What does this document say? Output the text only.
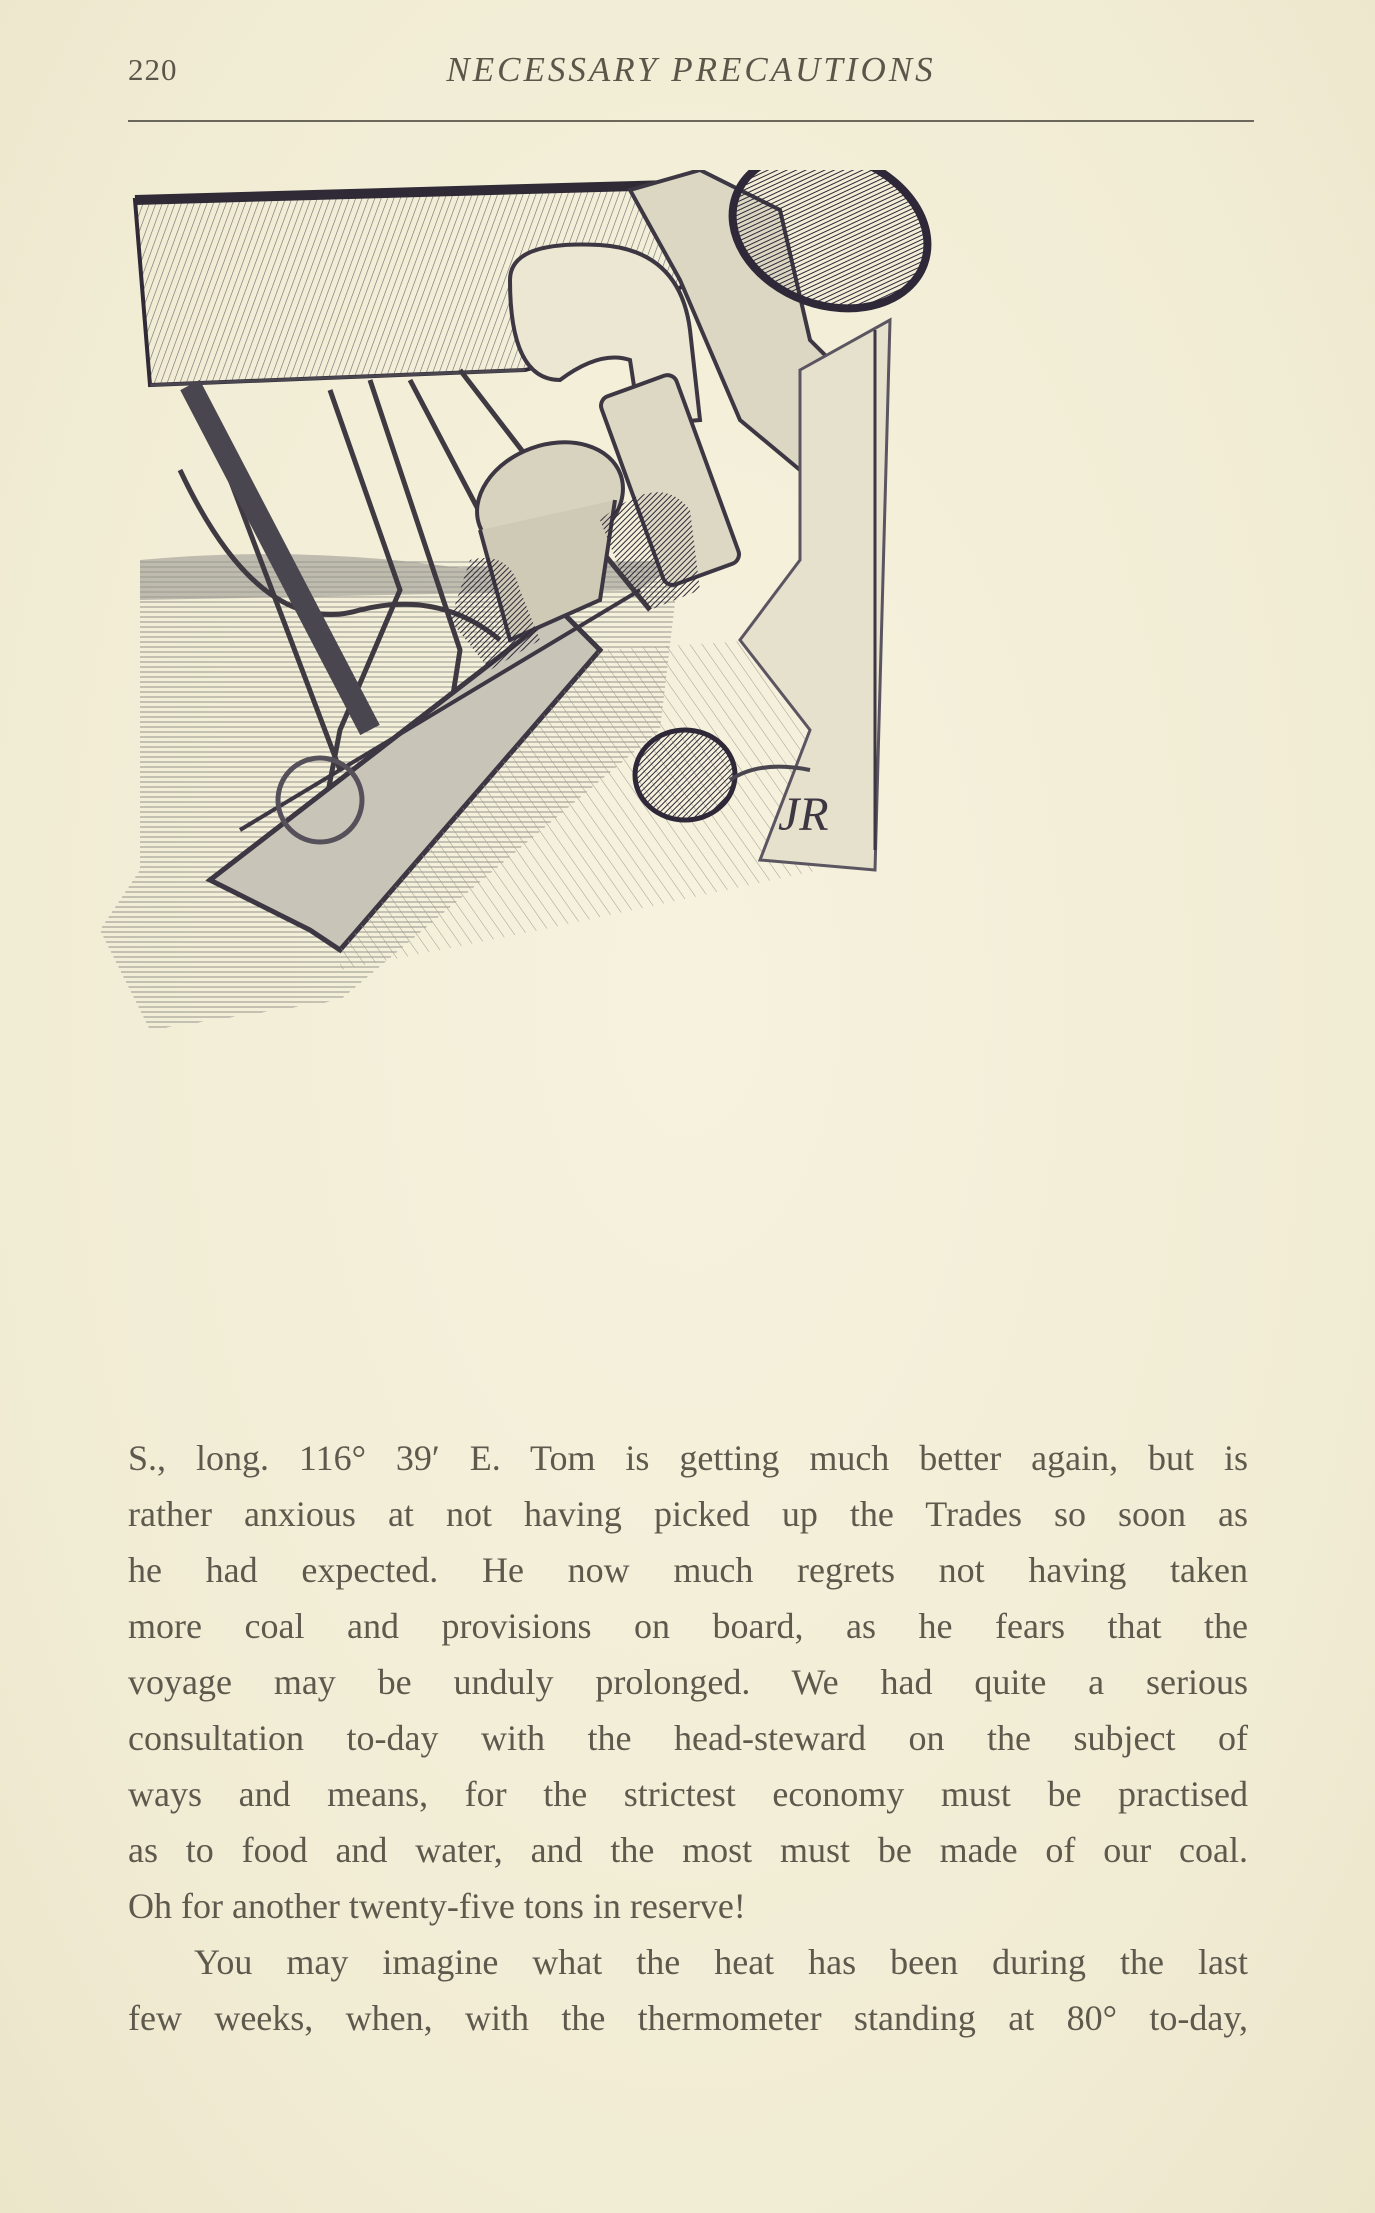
220	NECESSARY PRECAUTIONS
JR

S., long. 116° 39′ E. Tom is getting much better again, but is
rather anxious at not having picked up the Trades so soon as
he had expected. He now much regrets not having taken
more coal and provisions on board, as he fears that the
voyage may be unduly prolonged. We had quite a serious
consultation to-day with the head-steward on the subject of
ways and means, for the strictest economy must be practised
as to food and water, and the most must be made of our coal.
Oh for another twenty-five tons in reserve!

You may imagine what the heat has been during the last
few weeks, when, with the thermometer standing at 80° to-day,
